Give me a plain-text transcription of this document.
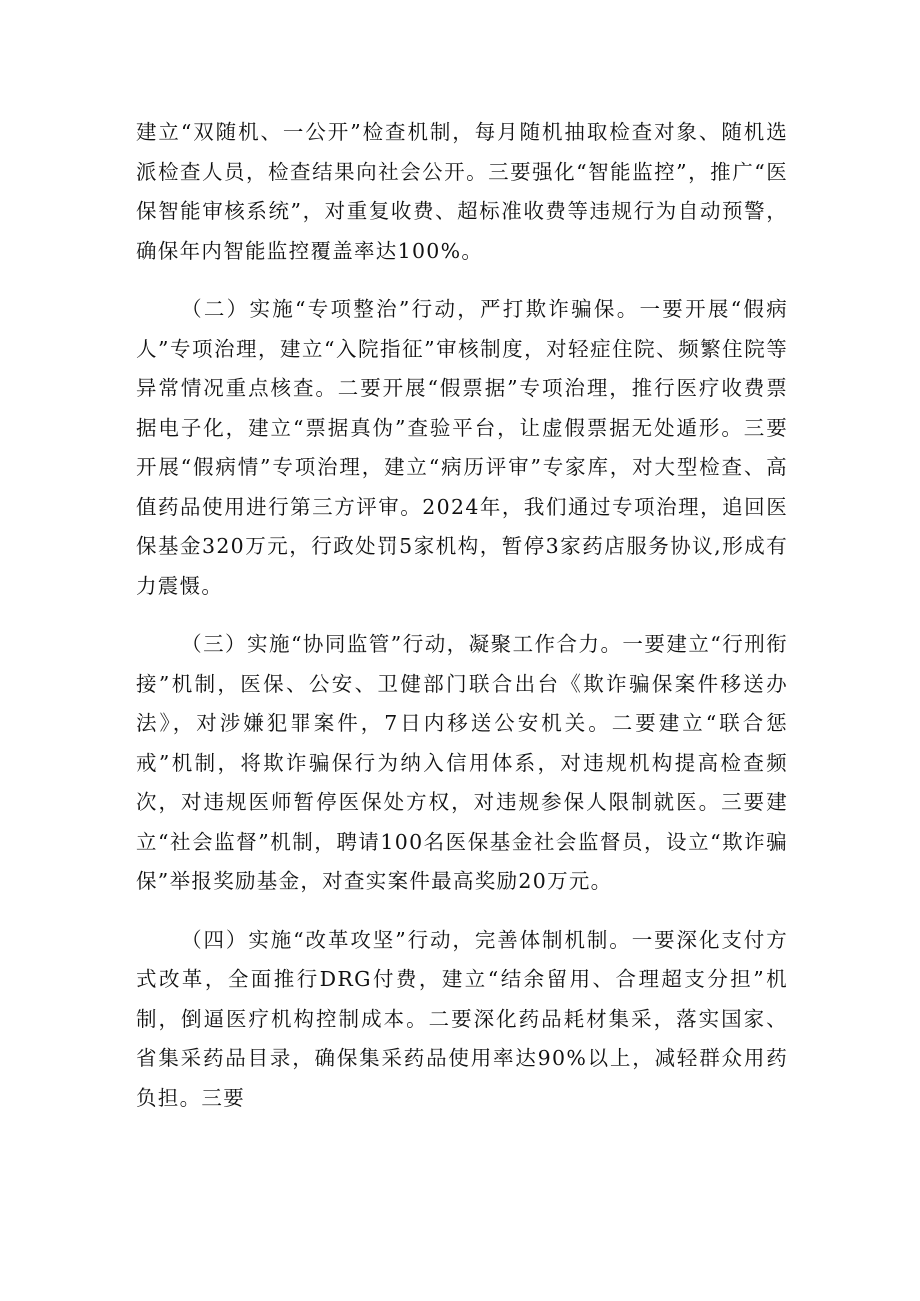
建立“双随机、一公开”检查机制，每月随机抽取检查对象、随机选派检查人员，检查结果向社会公开。三要强化“智能监控”，推广“医保智能审核系统”，对重复收费、超标准收费等违规行为自动预警，确保年内智能监控覆盖率达100%。

（二）实施“专项整治”行动，严打欺诈骗保。一要开展“假病人”专项治理，建立“入院指征”审核制度，对轻症住院、频繁住院等异常情况重点核查。二要开展“假票据”专项治理，推行医疗收费票据电子化，建立“票据真伪”查验平台，让虚假票据无处遁形。三要开展“假病情”专项治理，建立“病历评审”专家库，对大型检查、高值药品使用进行第三方评审。2024年，我们通过专项治理，追回医保基金320万元，行政处罚5家机构，暂停3家药店服务协议,形成有力震慑。

（三）实施“协同监管”行动，凝聚工作合力。一要建立“行刑衔接”机制，医保、公安、卫健部门联合出台《欺诈骗保案件移送办法》，对涉嫌犯罪案件，7日内移送公安机关。二要建立“联合惩戒”机制，将欺诈骗保行为纳入信用体系，对违规机构提高检查频次，对违规医师暂停医保处方权，对违规参保人限制就医。三要建立“社会监督”机制，聘请100名医保基金社会监督员，设立“欺诈骗保”举报奖励基金，对查实案件最高奖励20万元。

（四）实施“改革攻坚”行动，完善体制机制。一要深化支付方式改革，全面推行DRG付费，建立“结余留用、合理超支分担”机制，倒逼医疗机构控制成本。二要深化药品耗材集采，落实国家、省集采药品目录，确保集采药品使用率达90%以上，减轻群众用药负担。三要
